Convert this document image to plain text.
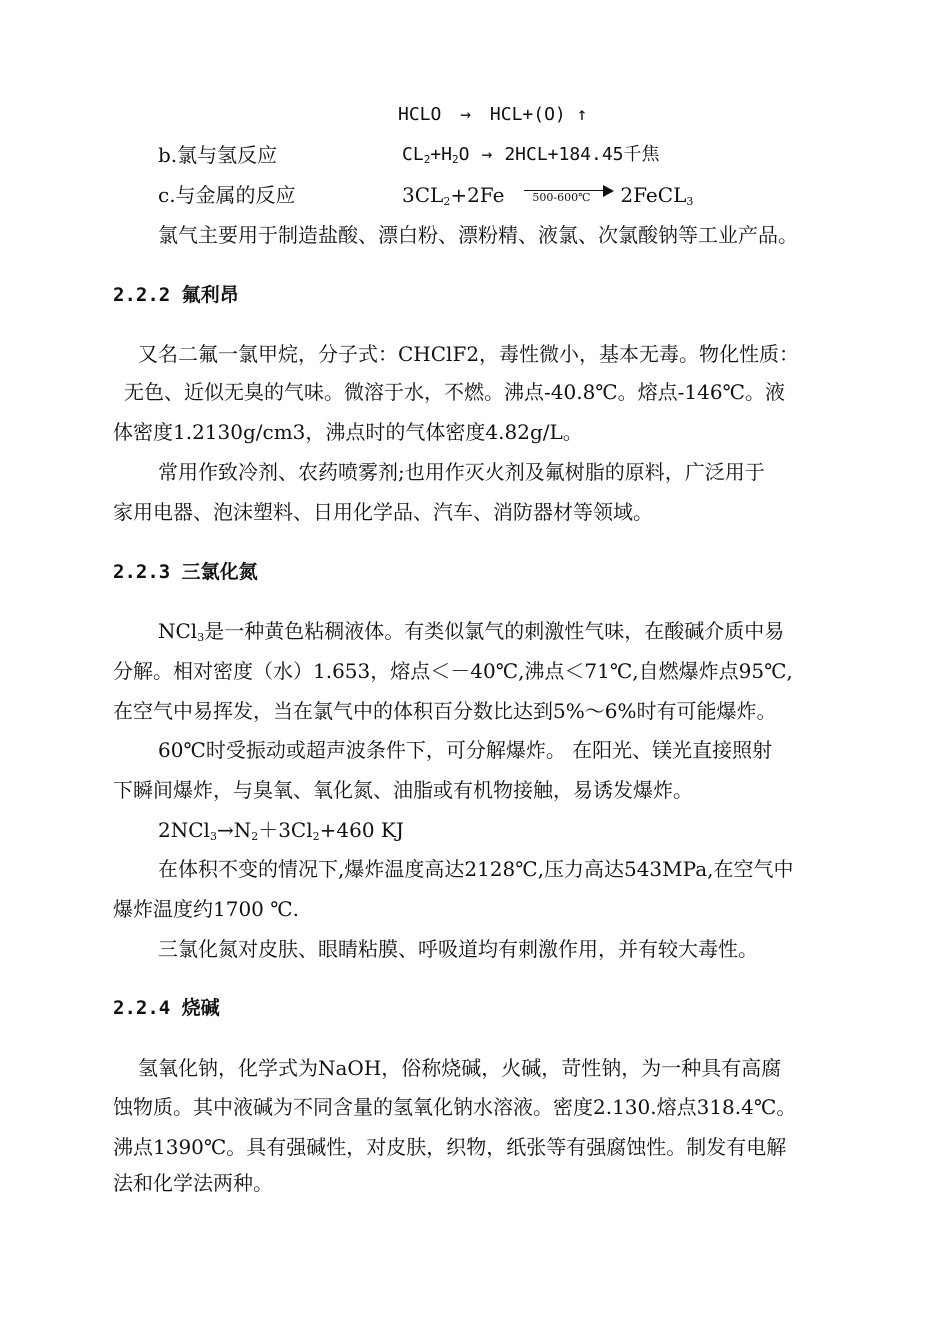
HCLO → HCL+(O) ↑
b.氯与氢反应	$CL_2+H_2O \to 2HCL+184.45$千焦
c.与金属的反应	$3CL_2+2Fe$	500-600℃ 2FeCL$_3$
氯气主要用于制造盐酸、漂白粉、漂粉精、液氯、次氯酸钠等工业产品。
2.2.2 氟利昂
又名二氟一氯甲烷，分子式：CHClF2，毒性微小，基本无毒。物化性质：
无色、近似无臭的气味。微溶于水，不燃。沸点-40.8℃。熔点-146℃。液
体密度1.2130g/cm3，沸点时的气体密度4.82g/L。
常用作致冷剂、农药喷雾剂;也用作灭火剂及氟树脂的原料，广泛用于
家用电器、泡沫塑料、日用化学品、汽车、消防器材等领域。
2.2.3 三氯化氮
NCl$_3$是一种黄色粘稠液体。有类似氯气的刺激性气味，在酸碱介质中易
分解。相对密度（水）1.653，熔点＜－40℃,沸点＜71℃,自燃爆炸点95℃,
在空气中易挥发，当在氯气中的体积百分数比达到5%～6%时有可能爆炸。
60℃时受振动或超声波条件下，可分解爆炸。 在阳光、镁光直接照射
下瞬间爆炸，与臭氧、氧化氮、油脂或有机物接触，易诱发爆炸。
$2NCl_3\to N_2+3Cl_2+460$ KJ
在体积不变的情况下,爆炸温度高达2128℃,压力高达543MPa,在空气中
爆炸温度约1700 ℃.
三氯化氮对皮肤、眼睛粘膜、呼吸道均有刺激作用，并有较大毒性。
2.2.4 烧碱
氢氧化钠，化学式为NaOH，俗称烧碱，火碱，苛性钠，为一种具有高腐
蚀物质。其中液碱为不同含量的氢氧化钠水溶液。密度2.130.熔点318.4℃。
沸点1390℃。具有强碱性，对皮肤，织物，纸张等有强腐蚀性。制发有电解
法和化学法两种。
